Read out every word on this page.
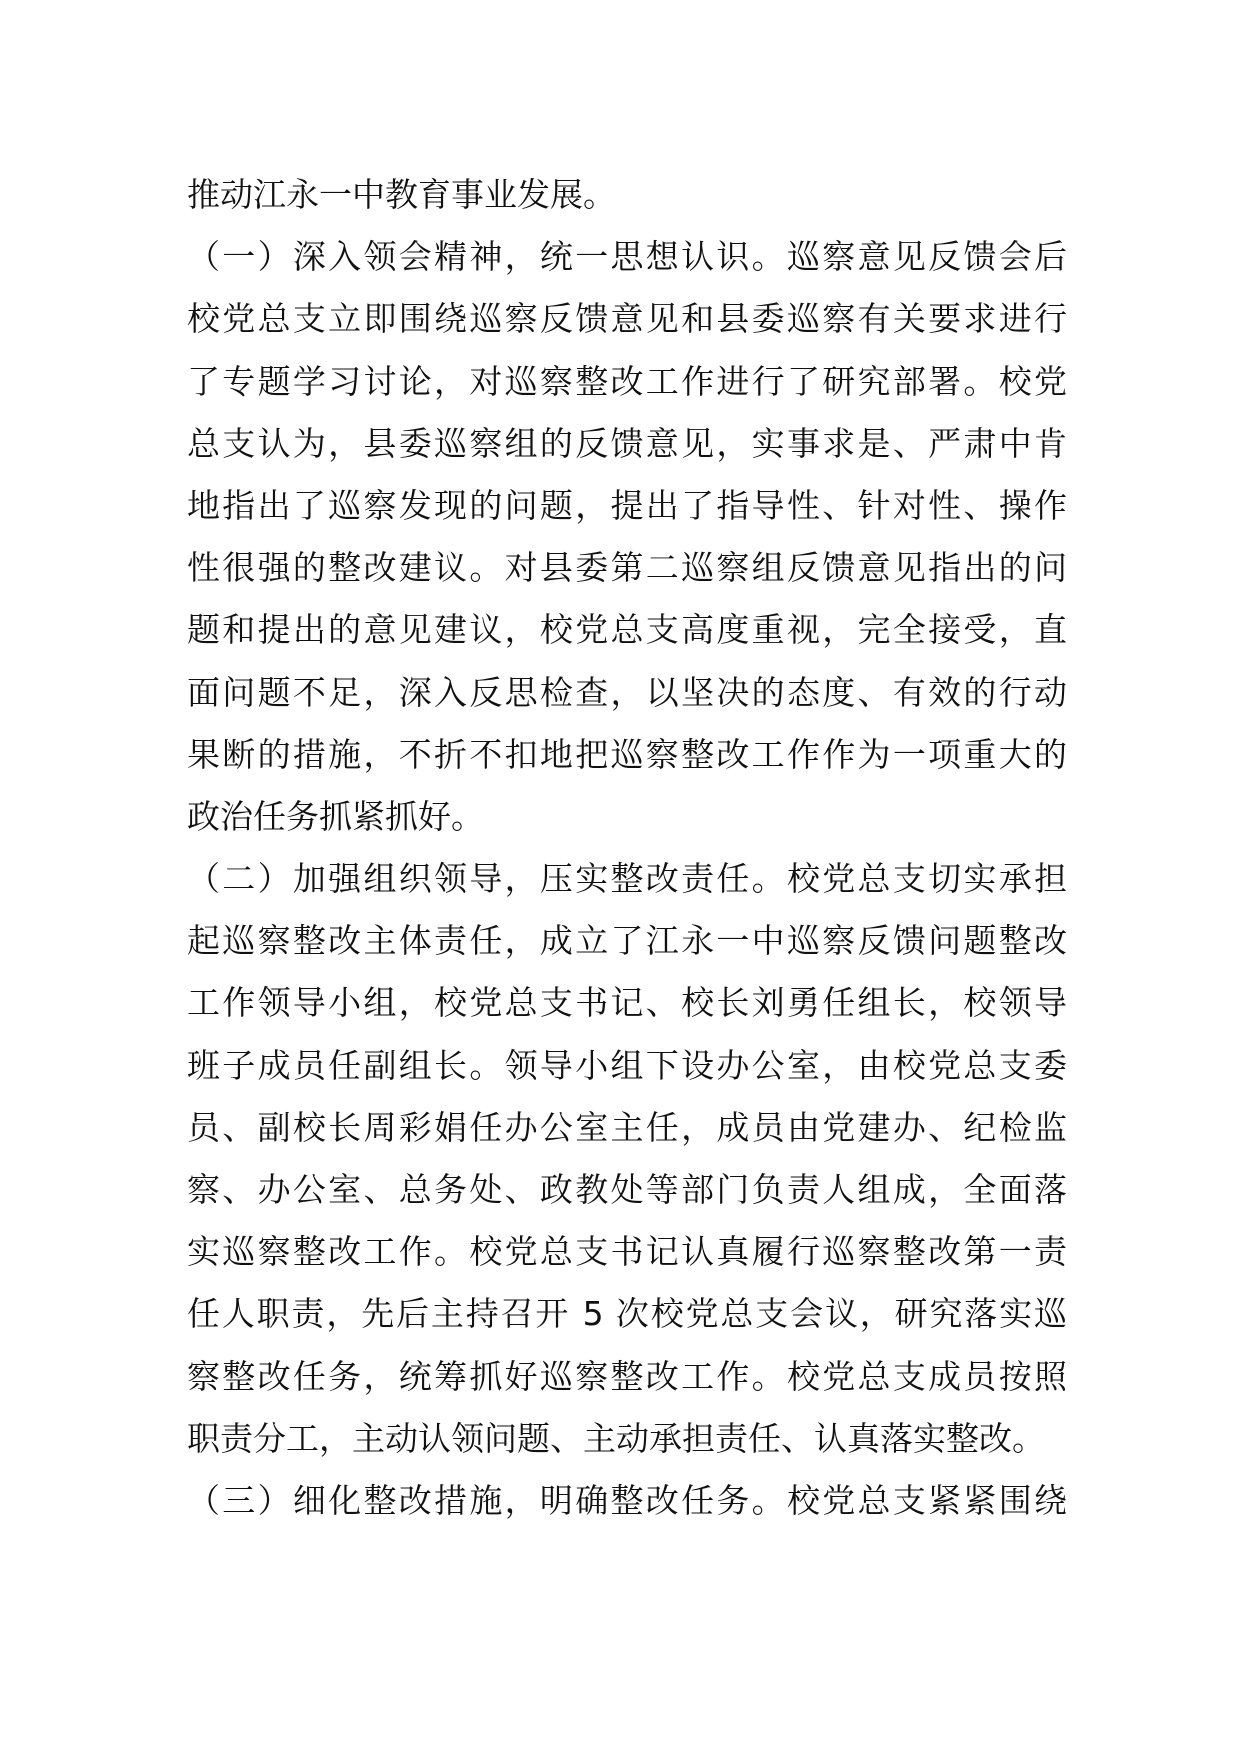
推动江永一中教育事业发展。
（一）深入领会精神，统一思想认识。巡察意见反馈会后
校党总支立即围绕巡察反馈意见和县委巡察有关要求进行
了专题学习讨论，对巡察整改工作进行了研究部署。校党
总支认为，县委巡察组的反馈意见，实事求是、严肃中肯
地指出了巡察发现的问题，提出了指导性、针对性、操作
性很强的整改建议。对县委第二巡察组反馈意见指出的问
题和提出的意见建议，校党总支高度重视，完全接受，直
面问题不足，深入反思检查，以坚决的态度、有效的行动
果断的措施，不折不扣地把巡察整改工作作为一项重大的
政治任务抓紧抓好。
（二）加强组织领导，压实整改责任。校党总支切实承担
起巡察整改主体责任，成立了江永一中巡察反馈问题整改
工作领导小组，校党总支书记、校长刘勇任组长，校领导
班子成员任副组长。领导小组下设办公室，由校党总支委
员、副校长周彩娟任办公室主任，成员由党建办、纪检监
察、办公室、总务处、政教处等部门负责人组成，全面落
实巡察整改工作。校党总支书记认真履行巡察整改第一责
任人职责，先后主持召开 5 次校党总支会议，研究落实巡
察整改任务，统筹抓好巡察整改工作。校党总支成员按照
职责分工，主动认领问题、主动承担责任、认真落实整改。
（三）细化整改措施，明确整改任务。校党总支紧紧围绕
